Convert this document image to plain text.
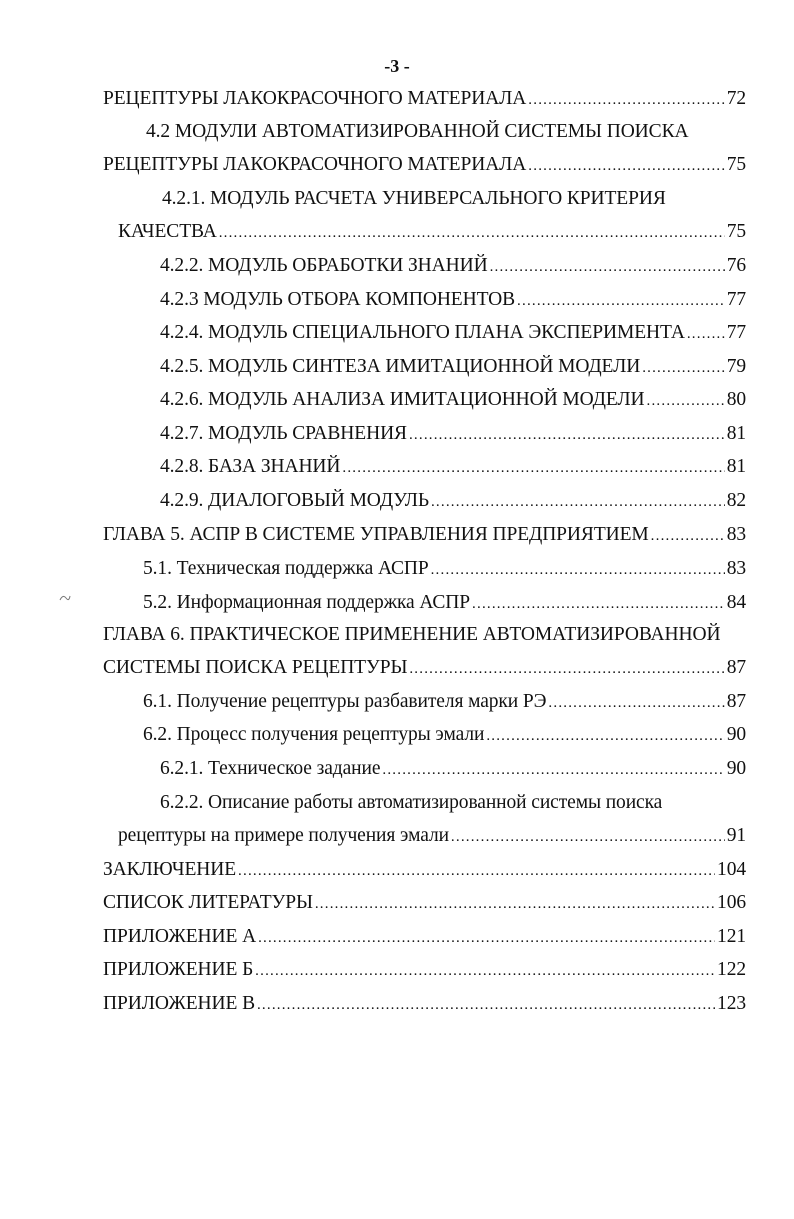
-3 -
РЕЦЕПТУРЫ ЛАКОКРАСОЧНОГО МАТЕРИАЛА .....	72
4.2 МОДУЛИ АВТОМАТИЗИРОВАННОЙ СИСТЕМЫ ПОИСКА
РЕЦЕПТУРЫ ЛАКОКРАСОЧНОГО МАТЕРИАЛА .....	75
4.2.1. МОДУЛЬ РАСЧЕТА УНИВЕРСАЛЬНОГО КРИТЕРИЯ
КАЧЕСТВА .....	75
4.2.2. МОДУЛЬ ОБРАБОТКИ ЗНАНИЙ .....	76
4.2.3 МОДУЛЬ ОТБОРА КОМПОНЕНТОВ .....	77
4.2.4. МОДУЛЬ СПЕЦИАЛЬНОГО ПЛАНА ЭКСПЕРИМЕНТА ..... 77
4.2.5. МОДУЛЬ СИНТЕЗА ИМИТАЦИОННОЙ МОДЕЛИ .....	79
4.2.6. МОДУЛЬ АНАЛИЗА ИМИТАЦИОННОЙ МОДЕЛИ .....	80
4.2.7. МОДУЛЬ СРАВНЕНИЯ .....	81
4.2.8. БАЗА ЗНАНИЙ .....	81
4.2.9. ДИАЛОГОВЫЙ МОДУЛЬ .....	82
ГЛАВА 5. АСПР В СИСТЕМЕ УПРАВЛЕНИЯ ПРЕДПРИЯТИЕМ .....	83
5.1. Техническая поддержка АСПР .....	83
5.2. Информационная поддержка АСПР .....	84
ГЛАВА 6. ПРАКТИЧЕСКОЕ ПРИМЕНЕНИЕ АВТОМАТИЗИРОВАННОЙ
СИСТЕМЫ ПОИСКА РЕЦЕПТУРЫ .....	87
6.1. Получение рецептуры разбавителя марки РЭ .....	87
6.2. Процесс получения рецептуры эмали .....	90
6.2.1. Техническое задание .....	90
6.2.2. Описание работы автоматизированной системы поиска
рецептуры на примере получения эмали .....	91
ЗАКЛЮЧЕНИЕ .....	104
СПИСОК ЛИТЕРАТУРЫ .....	106
ПРИЛОЖЕНИЕ А .....	121
ПРИЛОЖЕНИЕ Б .....	122
ПРИЛОЖЕНИЕ В .....	123
